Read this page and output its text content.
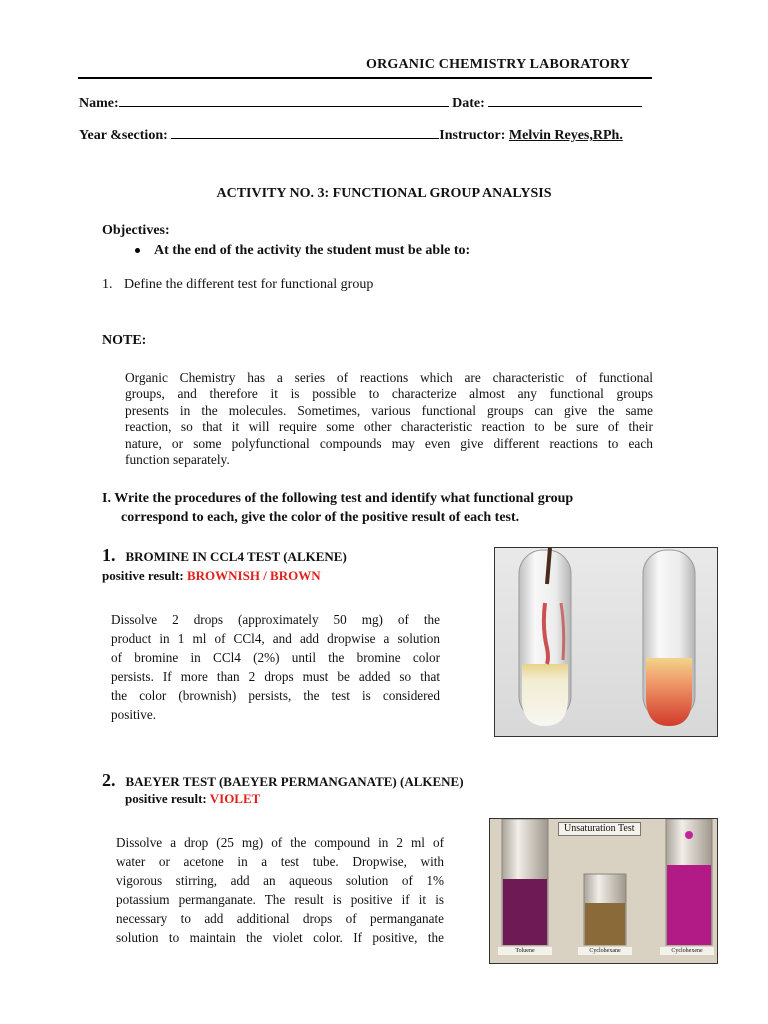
ORGANIC CHEMISTRY LABORATORY
Name:	Date:
Year &section:	Instructor: Melvin Reyes,RPh.
ACTIVITY NO. 3: FUNCTIONAL GROUP ANALYSIS
Objectives:
At the end of the activity the student must be able to:
1. Define the different test for functional group
NOTE:
Organic Chemistry has a series of reactions which are characteristic of functional
groups, and therefore it is possible to characterize almost any functional groups
presents in the molecules. Sometimes, various functional groups can give the same
reaction, so that it will require some other characteristic reaction to be sure of their
nature, or some polyfunctional compounds may even give different reactions to each
function separately.
I. Write the procedures of the following test and identify what functional group
correspond to each, give the color of the positive result of each test.
1. BROMINE IN CCL4 TEST (ALKENE)
positive result: BROWNISH / BROWN
Dissolve 2 drops (approximately 50 mg) of the
product in 1 ml of CCl4, and add dropwise a solution
of bromine in CCl4 (2%) until the bromine color
persists. If more than 2 drops must be added so that
the color (brownish) persists, the test is considered
positive.
2. BAEYER TEST (BAEYER PERMANGANATE) (ALKENE)
positive result: VIOLET
Dissolve a drop (25 mg) of the compound in 2 ml of
water or acetone in a test tube. Dropwise, with
vigorous stirring, add an aqueous solution of 1%
potassium permanganate. The result is positive if it is
necessary to add additional drops of permanganate
solution to maintain the violet color. If positive, the
Unsaturation Test
Toluene	Cyclohexane	Cyclohexene
